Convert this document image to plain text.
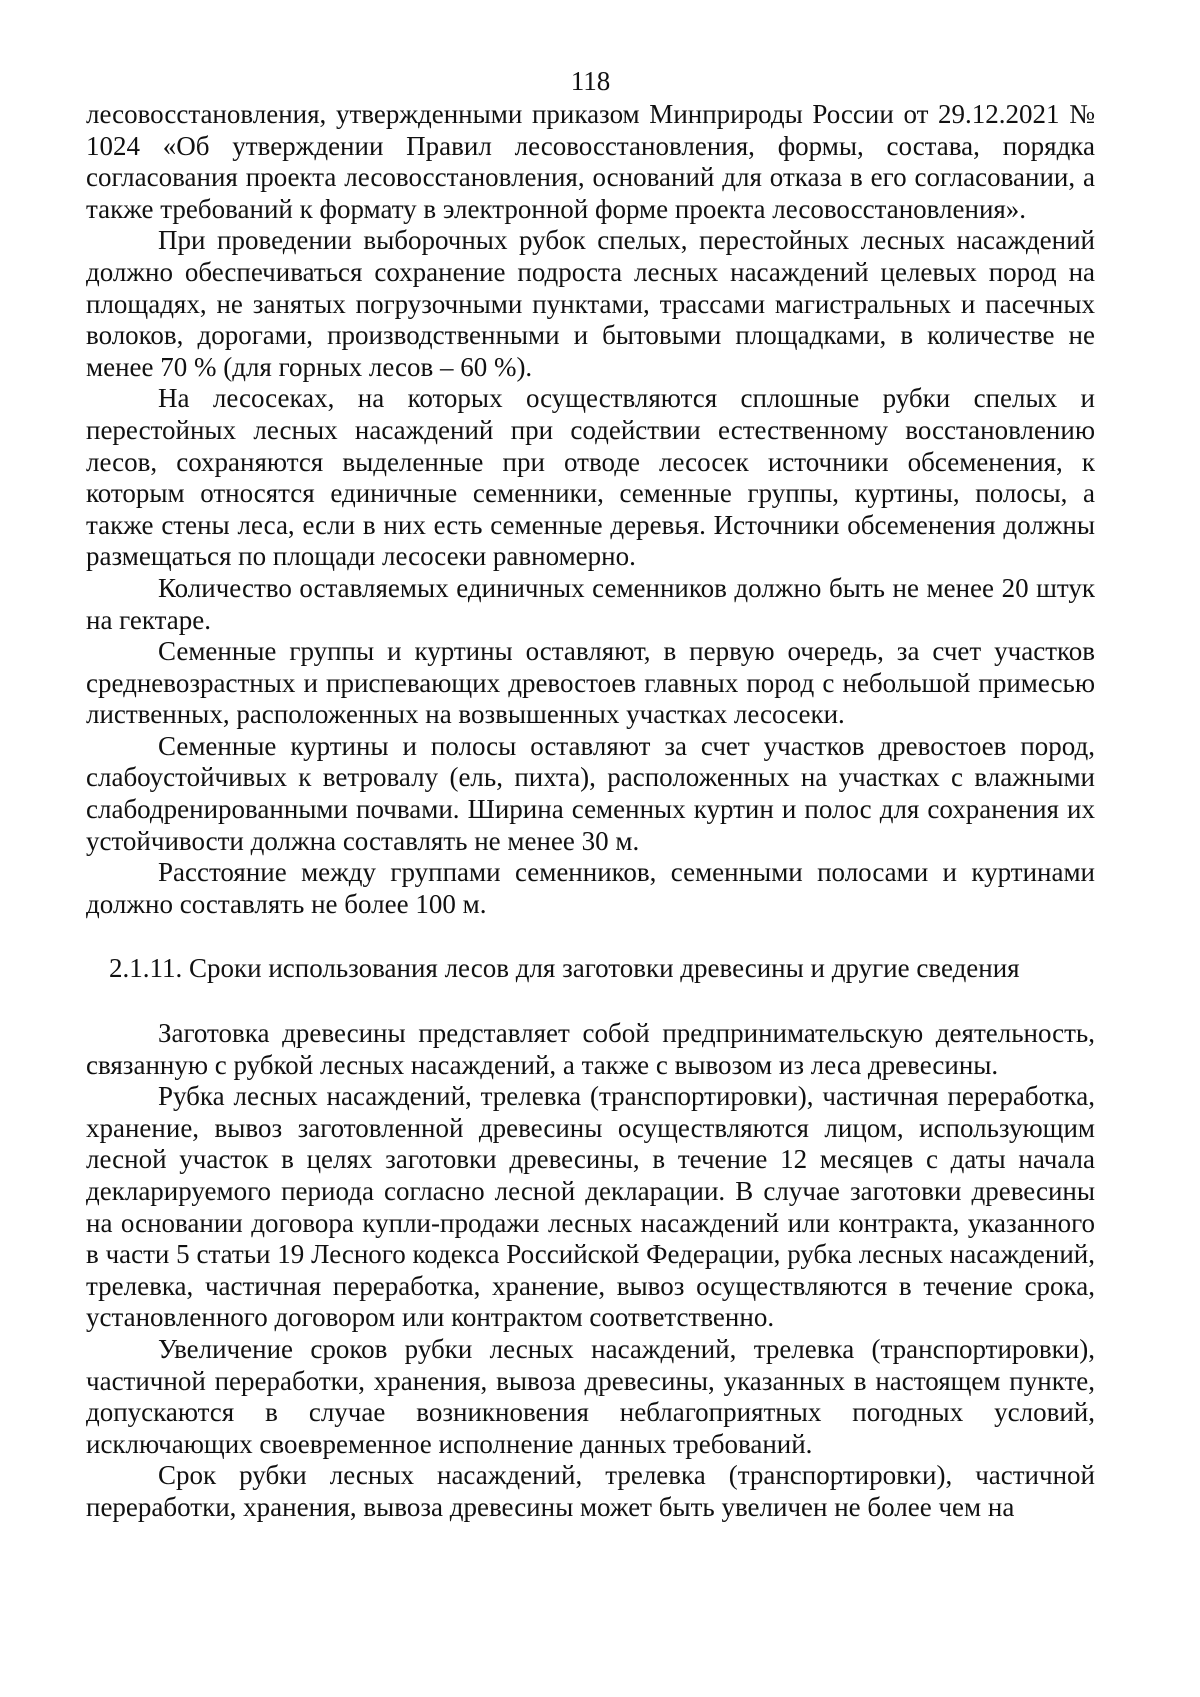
118

лесовосстановления, утвержденными приказом Минприроды России от 29.12.2021 № 1024 «Об утверждении Правил лесовосстановления, формы, состава, порядка согласования проекта лесовосстановления, оснований для отказа в его согласовании, а также требований к формату в электронной форме проекта лесовосстановления».

При проведении выборочных рубок спелых, перестойных лесных насаждений должно обеспечиваться сохранение подроста лесных насаждений целевых пород на площадях, не занятых погрузочными пунктами, трассами магистральных и пасечных волоков, дорогами, производственными и бытовыми площадками, в количестве не менее 70 % (для горных лесов – 60 %).

На лесосеках, на которых осуществляются сплошные рубки спелых и перестойных лесных насаждений при содействии естественному восстановлению лесов, сохраняются выделенные при отводе лесосек источники обсеменения, к которым относятся единичные семенники, семенные группы, куртины, полосы, а также стены леса, если в них есть семенные деревья. Источники обсеменения должны размещаться по площади лесосеки равномерно.

Количество оставляемых единичных семенников должно быть не менее 20 штук на гектаре.

Семенные группы и куртины оставляют, в первую очередь, за счет участков средневозрастных и приспевающих древостоев главных пород с небольшой примесью лиственных, расположенных на возвышенных участках лесосеки.

Семенные куртины и полосы оставляют за счет участков древостоев пород, слабоустойчивых к ветровалу (ель, пихта), расположенных на участках с влажными слабодренированными почвами. Ширина семенных куртин и полос для сохранения их устойчивости должна составлять не менее 30 м.

Расстояние между группами семенников, семенными полосами и куртинами должно составлять не более 100 м.

2.1.11. Сроки использования лесов для заготовки древесины и другие сведения

Заготовка древесины представляет собой предпринимательскую деятельность, связанную с рубкой лесных насаждений, а также с вывозом из леса древесины.

Рубка лесных насаждений, трелевка (транспортировки), частичная переработка, хранение, вывоз заготовленной древесины осуществляются лицом, использующим лесной участок в целях заготовки древесины, в течение 12 месяцев с даты начала декларируемого периода согласно лесной декларации. В случае заготовки древесины на основании договора купли-продажи лесных насаждений или контракта, указанного в части 5 статьи 19 Лесного кодекса Российской Федерации, рубка лесных насаждений, трелевка, частичная переработка, хранение, вывоз осуществляются в течение срока, установленного договором или контрактом соответственно.

Увеличение сроков рубки лесных насаждений, трелевка (транспортировки), частичной переработки, хранения, вывоза древесины, указанных в настоящем пункте, допускаются в случае возникновения неблагоприятных погодных условий, исключающих своевременное исполнение данных требований.

Срок рубки лесных насаждений, трелевка (транспортировки), частичной переработки, хранения, вывоза древесины может быть увеличен не более чем на
